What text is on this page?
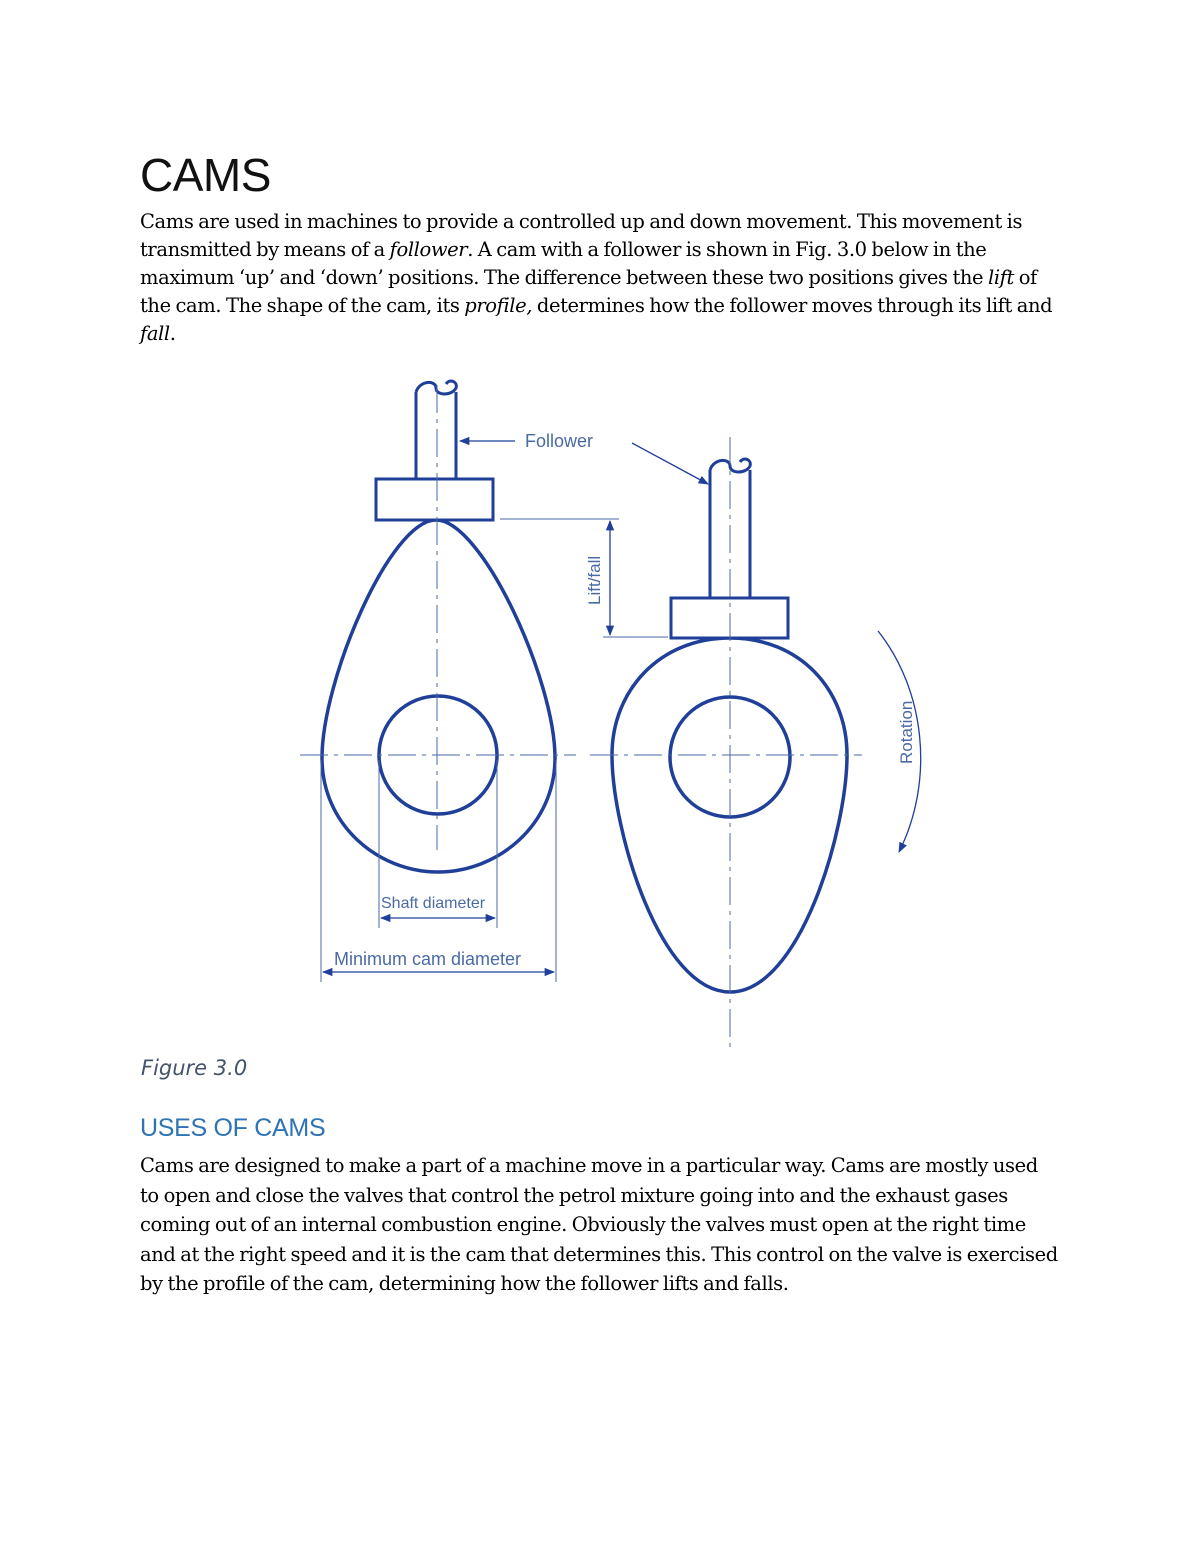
CAMS

Cams are used in machines to provide a controlled up and down movement. This movement is transmitted by means of a follower. A cam with a follower is shown in Fig. 3.0 below in the maximum ‘up’ and ‘down’ positions. The difference between these two positions gives the lift of the cam. The shape of the cam, its profile, determines how the follower moves through its lift and fall.

Follower
Lift/fall
Rotation
Shaft diameter
Minimum cam diameter

Figure 3.0

USES OF CAMS

Cams are designed to make a part of a machine move in a particular way. Cams are mostly used to open and close the valves that control the petrol mixture going into and the exhaust gases coming out of an internal combustion engine. Obviously the valves must open at the right time and at the right speed and it is the cam that determines this. This control on the valve is exercised by the profile of the cam, determining how the follower lifts and falls.
